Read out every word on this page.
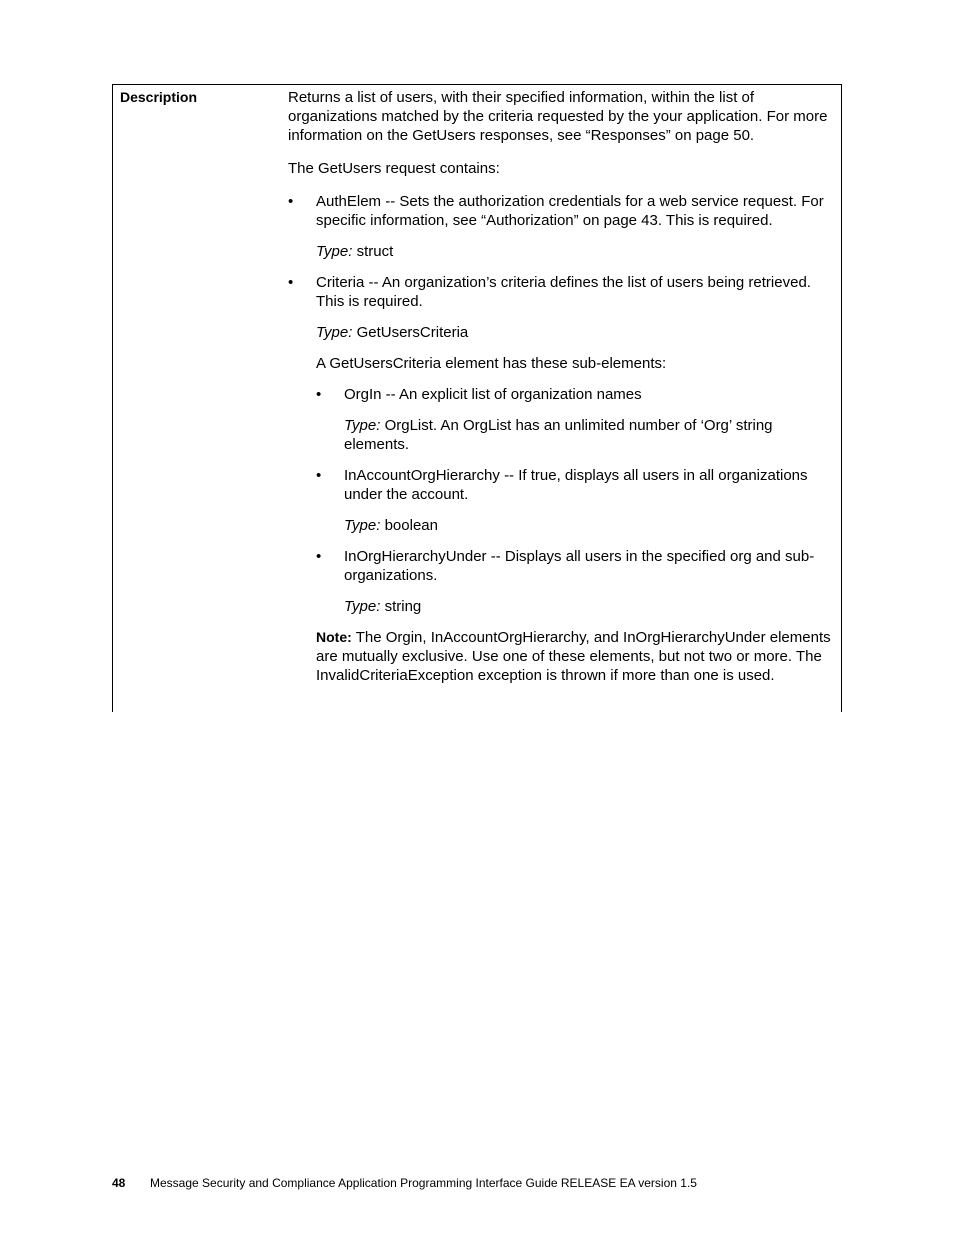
Description	Returns a list of users, with their specified information, within the list of organizations matched by the criteria requested by the your application. For more information on the GetUsers responses, see “Responses” on page 50.

The GetUsers request contains:

• AuthElem -- Sets the authorization credentials for a web service request. For specific information, see “Authorization” on page 43. This is required.

Type: struct

• Criteria -- An organization’s criteria defines the list of users being retrieved. This is required.

Type: GetUsersCriteria

A GetUsersCriteria element has these sub-elements:

• OrgIn -- An explicit list of organization names

Type: OrgList. An OrgList has an unlimited number of ‘Org’ string elements.

• InAccountOrgHierarchy -- If true, displays all users in all organizations under the account.

Type: boolean

• InOrgHierarchyUnder -- Displays all users in the specified org and sub-organizations.

Type: string

Note: The Orgin, InAccountOrgHierarchy, and InOrgHierarchyUnder elements are mutually exclusive. Use one of these elements, but not two or more. The InvalidCriteriaException exception is thrown if more than one is used.

48 Message Security and Compliance Application Programming Interface Guide RELEASE EA version 1.5
